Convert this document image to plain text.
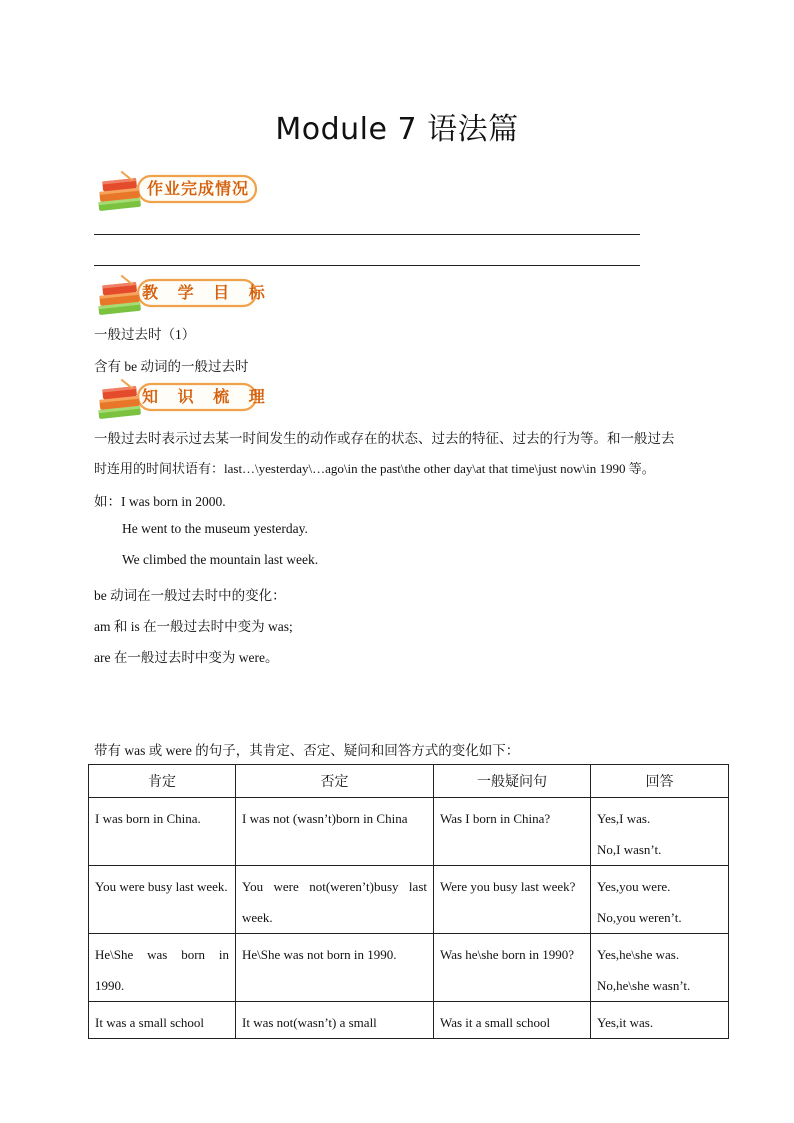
Module 7 语法篇
作业完成情况
教 学 目 标
一般过去时（1）
含有 be 动词的一般过去时
知 识 梳 理
一般过去时表示过去某一时间发生的动作或存在的状态、过去的特征、过去的行为等。和一般过去
时连用的时间状语有：last…\yesterday\…ago\in the past\the other day\at that time\just now\in 1990 等。
如：I was born in 2000.
He went to the museum yesterday.
We climbed the mountain last week.
be 动词在一般过去时中的变化：
am 和 is 在一般过去时中变为 was;
are 在一般过去时中变为 were。
带有 was 或 were 的句子，其肯定、否定、疑问和回答方式的变化如下：
肯定	否定	一般疑问句	回答
I was born in China.	I was not (wasn’t)born in China	Was I born in China?	Yes,I was.
No,I wasn’t.

You were busy last week.	You were not(weren’t)busy last week.	Were you busy last week?	Yes,you were.
No,you weren’t.

He\She was born in 1990.	He\She was not born in 1990.	Was he\she born in 1990?	Yes,he\she was.
No,he\she wasn’t.

It was a small school	It was not(wasn’t) a small	Was it a small school	Yes,it was.
